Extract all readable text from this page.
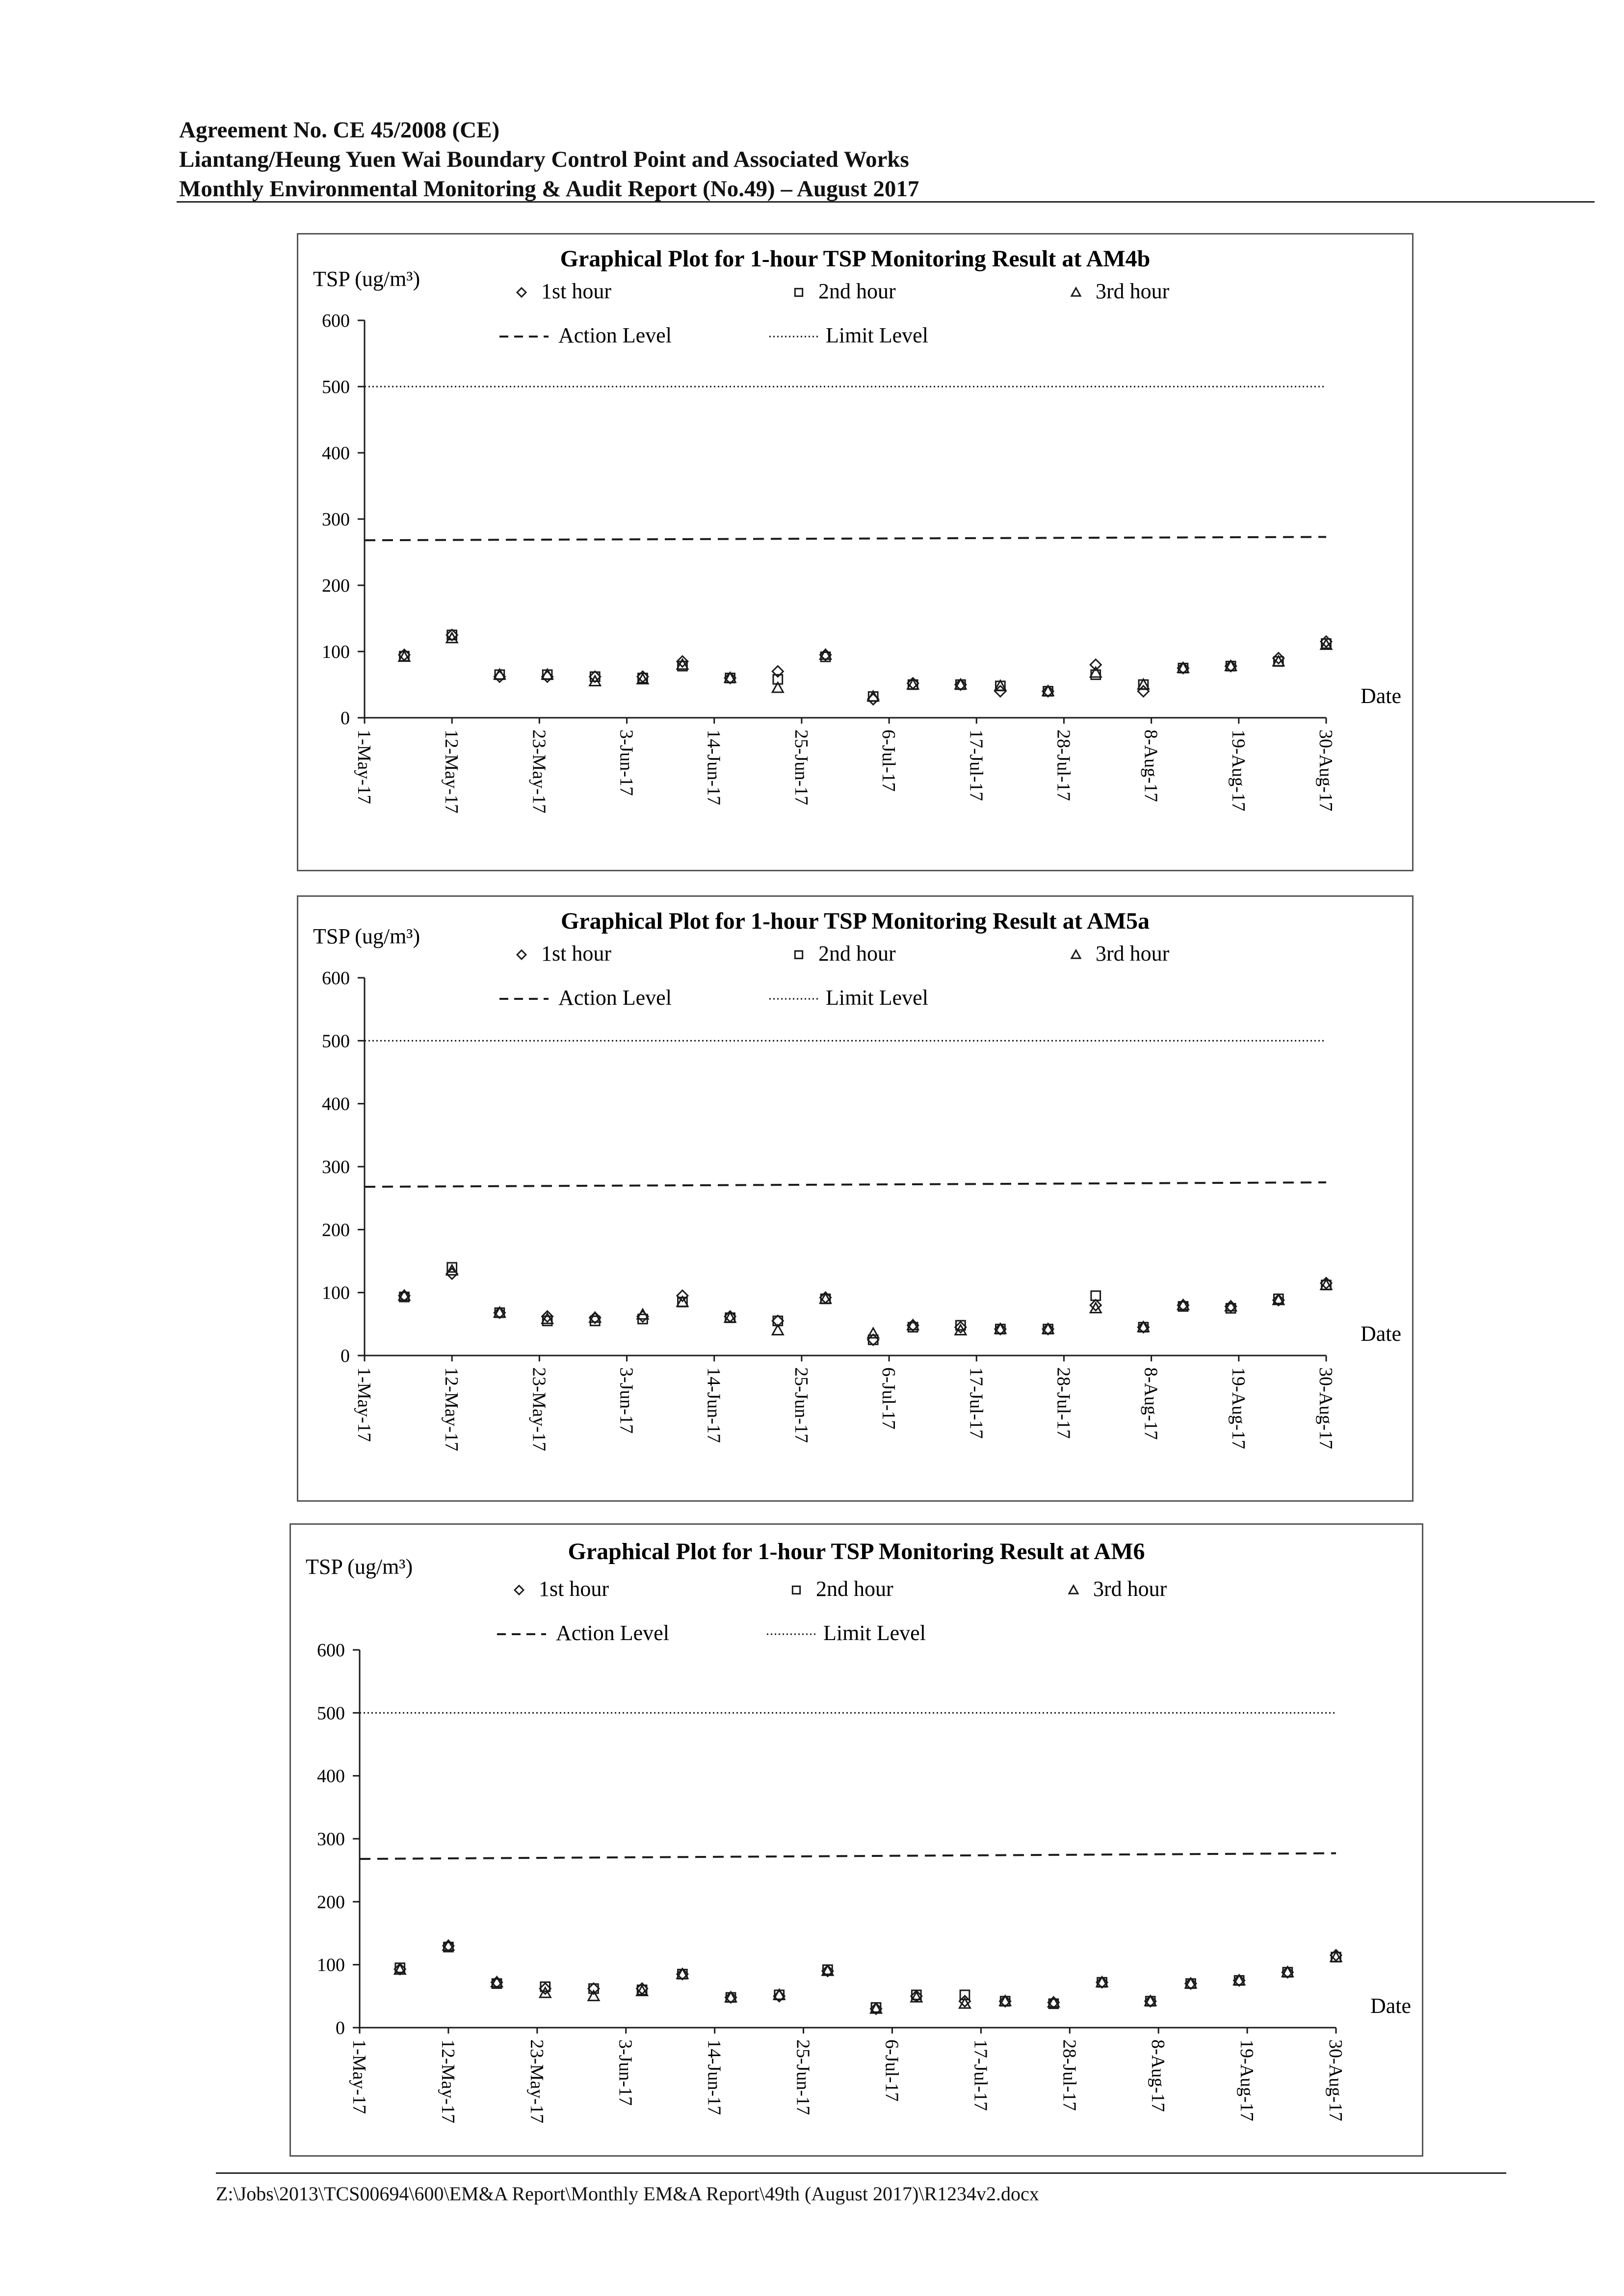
Agreement No. CE 45/2008 (CE)
Liantang/Heung Yuen Wai Boundary Control Point and Associated Works
Monthly Environmental Monitoring & Audit Report (No.49) – August 2017
Graphical Plot for 1-hour TSP Monitoring Result at AM4b
TSP (ug/m³)
Date
1st hour	2nd hour	3rd hour
Action Level	Limit Level
0
100
200
300
400
500
600
1-May-17	12-May-17	23-May-17	3-Jun-17	14-Jun-17	25-Jun-17	6-Jul-17	17-Jul-17	28-Jul-17	8-Aug-17	19-Aug-17	30-Aug-17
Graphical Plot for 1-hour TSP Monitoring Result at AM5a
TSP (ug/m³)
Date
1st hour	2nd hour	3rd hour
Action Level	Limit Level
0
100
200
300
400
500
600
1-May-17	12-May-17	23-May-17	3-Jun-17	14-Jun-17	25-Jun-17	6-Jul-17	17-Jul-17	28-Jul-17	8-Aug-17	19-Aug-17	30-Aug-17
Graphical Plot for 1-hour TSP Monitoring Result at AM6
TSP (ug/m³)
Date
1st hour	2nd hour	3rd hour
Action Level	Limit Level
0
100
200
300
400
500
600
1-May-17	12-May-17	23-May-17	3-Jun-17	14-Jun-17	25-Jun-17	6-Jul-17	17-Jul-17	28-Jul-17	8-Aug-17	19-Aug-17	30-Aug-17
Z:\Jobs\2013\TCS00694\600\EM&A Report\Monthly EM&A Report\49th (August 2017)\R1234v2.docx
